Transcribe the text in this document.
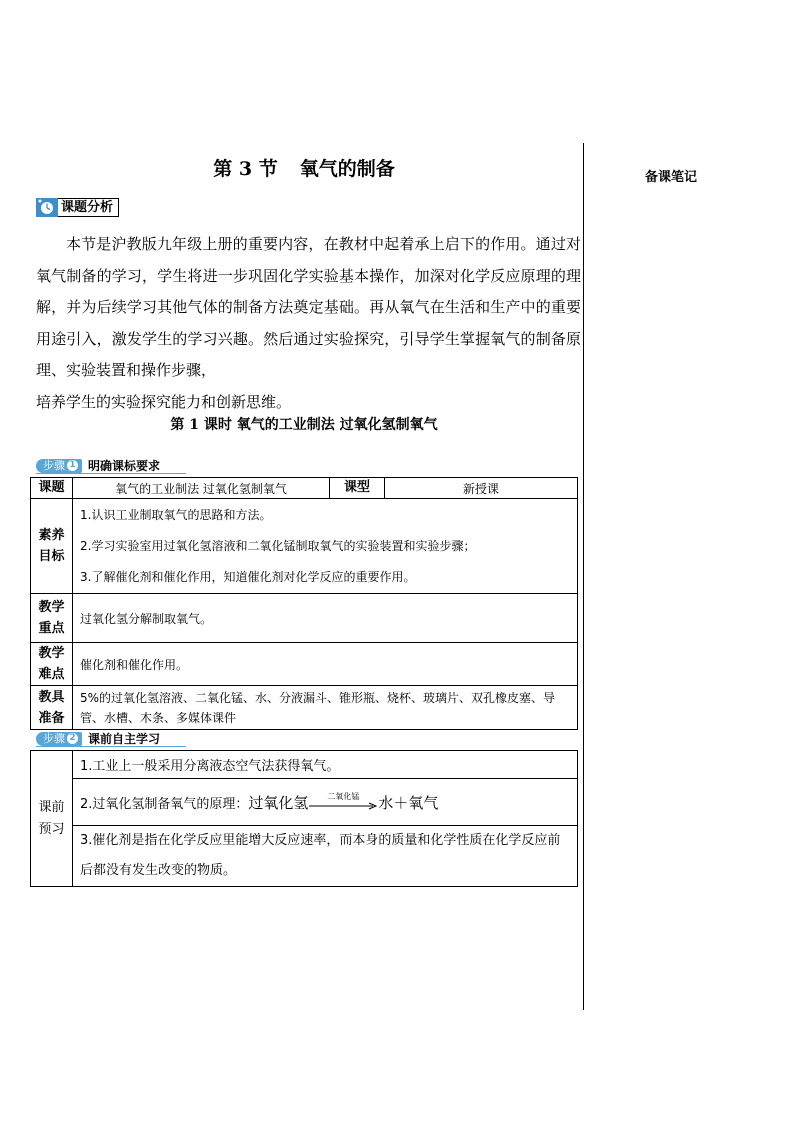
备课笔记
第 3 节 氧气的制备
课题分析

本节是沪教版九年级上册的重要内容，在教材中起着承上启下的作用。通过对氧气制备的学习，学生将进一步巩固化学实验基本操作，加深对化学反应原理的理解，并为后续学习其他气体的制备方法奠定基础。再从氧气在生活和生产中的重要用途引入，激发学生的学习兴趣。然后通过实验探究，引导学生掌握氧气的制备原理、实验装置和操作步骤，

培养学生的实验探究能力和创新思维。

第 1 课时 氧气的工业制法 过氧化氢制氧气
步骤 1 明确课标要求
课题	氧气的工业制法 过氧化氢制氧气	课型	新授课

素养目标	1.认识工业制取氧气的思路和方法。
2.学习实验室用过氧化氢溶液和二氧化锰制取氧气的实验装置和实验步骤；
3.了解催化剂和催化作用，知道催化剂对化学反应的重要作用。		

教学重点	过氧化氢分解制取氧气。		

教学难点	催化剂和催化作用。		

教具准备	5%的过氧化氢溶液、二氧化锰、水、分液漏斗、锥形瓶、烧杯、玻璃片、双孔橡皮塞、导管、水槽、木条、多媒体课件		
步骤 2 课前自主学习
课前预习
	1.工业上一般采用分离液态空气法获得氧气。
2.过氧化氢制备氧气的原理：过氧化氢	二氧化锰	水＋氧气
3.催化剂是指在化学反应里能增大反应速率，而本身的质量和化学性质在化学反应前后都没有发生改变的物质。
